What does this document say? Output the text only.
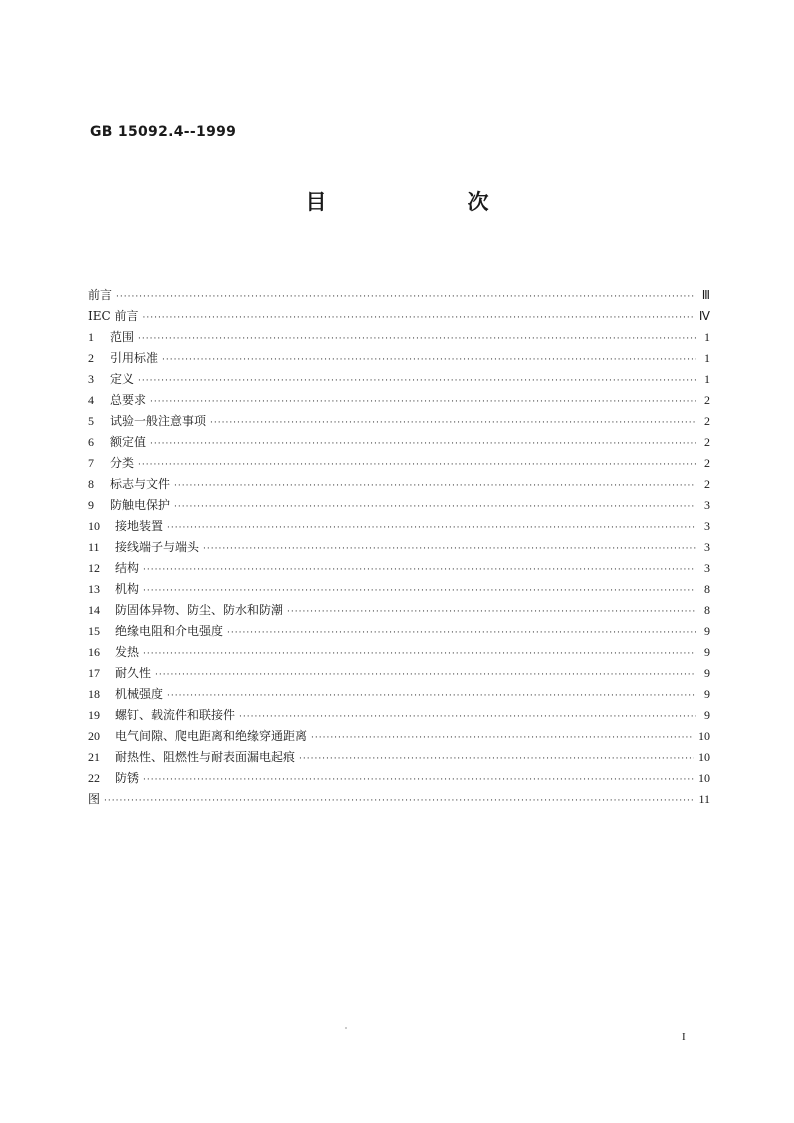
GB 15092.4--1999
目　次
前言 ·····	Ⅲ
IEC 前言 ·····	Ⅳ
1	范围 ·····	1
2	引用标准 ·····	1
3	定义 ·····	1
4	总要求 ·····	2
5	试验一般注意事项 ·····	2
6	额定值 ·····	2
7	分类 ·····	2
8	标志与文件 ·····	2
9	防触电保护 ·····	3
10	接地装置 ·····	3
11	接线端子与端头 ·····	3
12	结构 ·····	3
13	机构 ·····	8
14	防固体异物、防尘、防水和防潮 ·····	8
15	绝缘电阻和介电强度 ·····	9
16	发热 ·····	9
17	耐久性 ·····	9
18	机械强度 ·····	9
19	螺钉、载流件和联接件 ·····	9
20	电气间隙、爬电距离和绝缘穿通距离 ·····	10
21	耐热性、阻燃性与耐表面漏电起痕 ·····	10
22	防锈 ·····	10
图 ·····	11
I
